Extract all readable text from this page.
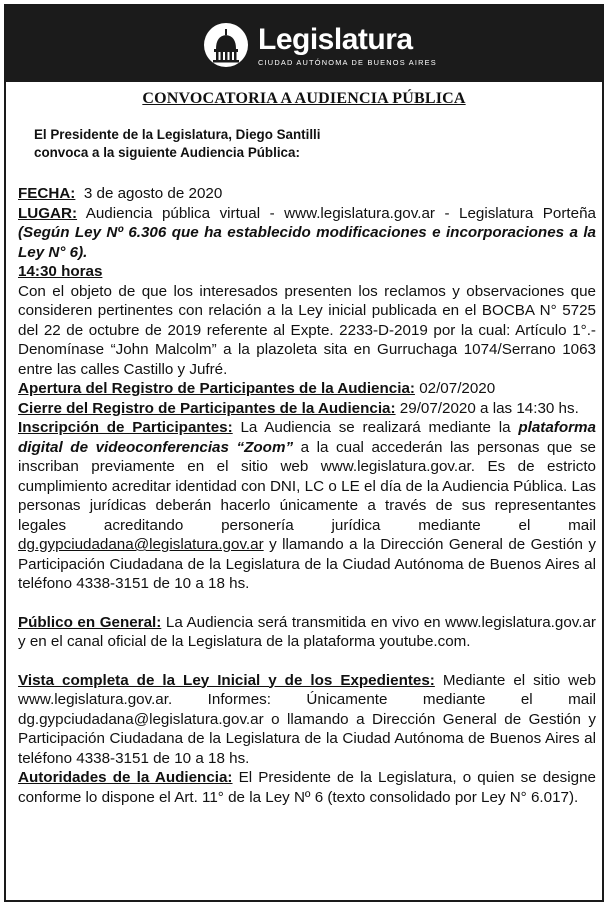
Legislatura
CIUDAD AUTÓNOMA DE BUENOS AIRES
CONVOCATORIA A AUDIENCIA PÚBLICA
El Presidente de la Legislatura, Diego Santilli
convoca a la siguiente Audiencia Pública:

FECHA: 3 de agosto de 2020

LUGAR: Audiencia pública virtual - www.legislatura.gov.ar - Legislatura Porteña (Según Ley Nº 6.306 que ha establecido modificaciones e incorporaciones a la Ley N° 6).

14:30 horas

Con el objeto de que los interesados presenten los reclamos y observaciones que consideren pertinentes con relación a la Ley inicial publicada en el BOCBA N° 5725 del 22 de octubre de 2019 referente al Expte. 2233-D-2019 por la cual: Artículo 1°.- Denomínase “John Malcolm” a la plazoleta sita en Gurruchaga 1074/Serrano 1063 entre las calles Castillo y Jufré.

Apertura del Registro de Participantes de la Audiencia: 02/07/2020

Cierre del Registro de Participantes de la Audiencia: 29/07/2020 a las 14:30 hs.

Inscripción de Participantes: La Audiencia se realizará mediante la plataforma digital de videoconferencias “Zoom” a la cual accederán las personas que se inscriban previamente en el sitio web www.legislatura.gov.ar. Es de estricto cumplimiento acreditar identidad con DNI, LC o LE el día de la Audiencia Pública. Las personas jurídicas deberán hacerlo únicamente a través de sus representantes legales acreditando personería jurídica mediante el mail dg.gypciudadana@legislatura.gov.ar y llamando a la Dirección General de Gestión y Participación Ciudadana de la Legislatura de la Ciudad Autónoma de Buenos Aires al teléfono 4338-3151 de 10 a 18 hs.

Público en General: La Audiencia será transmitida en vivo en www.legislatura.gov.ar y en el canal oficial de la Legislatura de la plataforma youtube.com.

Vista completa de la Ley Inicial y de los Expedientes: Mediante el sitio web www.legislatura.gov.ar. Informes: Únicamente mediante el mail dg.gypciudadana@legislatura.gov.ar o llamando a Dirección General de Gestión y Participación Ciudadana de la Legislatura de la Ciudad Autónoma de Buenos Aires al teléfono 4338-3151 de 10 a 18 hs.

Autoridades de la Audiencia: El Presidente de la Legislatura, o quien se designe conforme lo dispone el Art. 11° de la Ley Nº 6 (texto consolidado por Ley N° 6.017).
